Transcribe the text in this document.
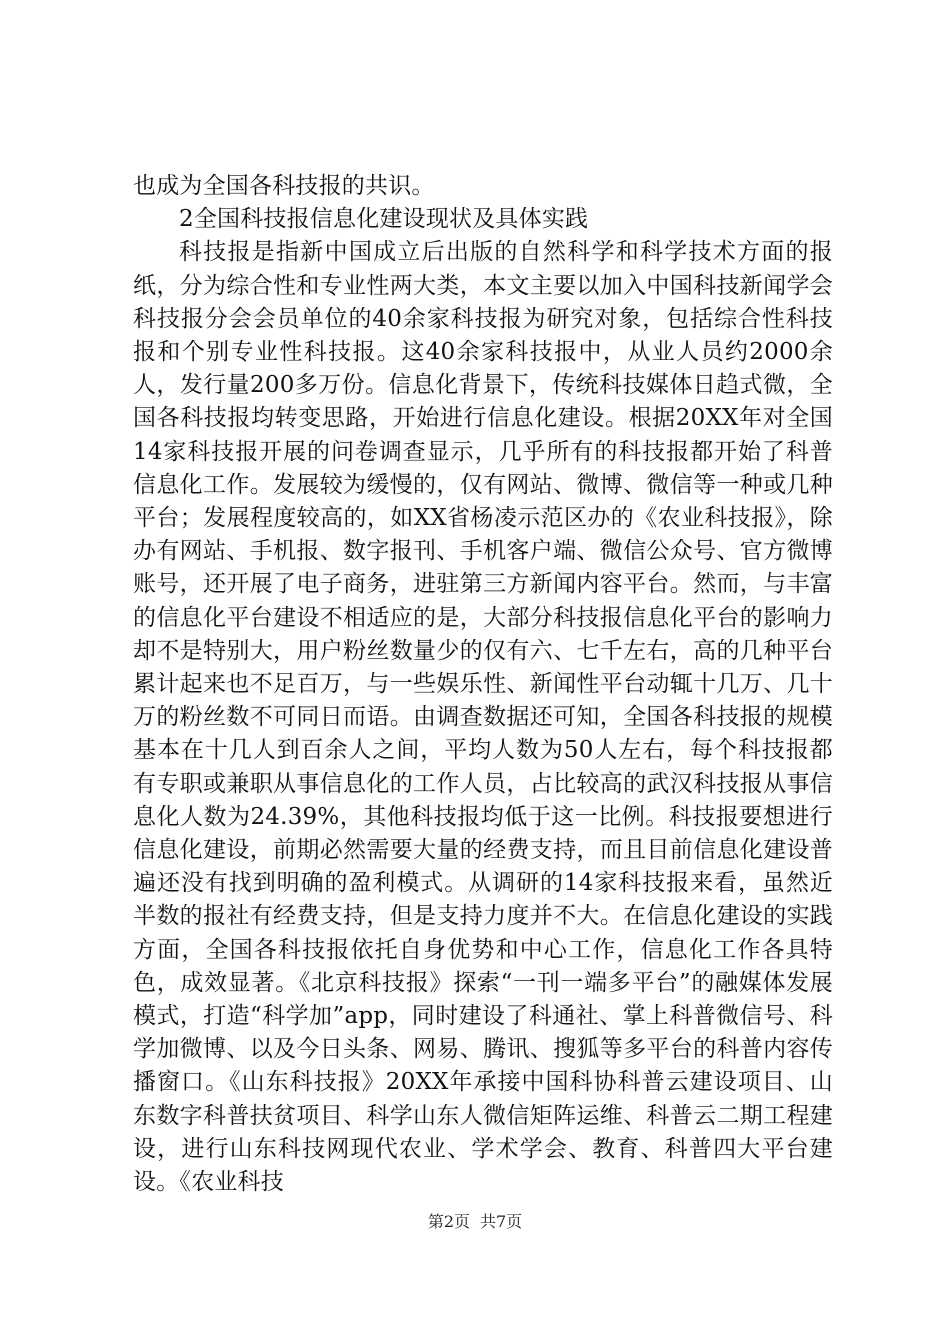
也成为全国各科技报的共识。

2全国科技报信息化建设现状及具体实践

科技报是指新中国成立后出版的自然科学和科学技术方面的报纸，分为综合性和专业性两大类，本文主要以加入中国科技新闻学会科技报分会会员单位的40余家科技报为研究对象，包括综合性科技报和个别专业性科技报。这40余家科技报中，从业人员约2000余人，发行量200多万份。信息化背景下，传统科技媒体日趋式微，全国各科技报均转变思路，开始进行信息化建设。根据20XX年对全国14家科技报开展的问卷调查显示，几乎所有的科技报都开始了科普信息化工作。发展较为缓慢的，仅有网站、微博、微信等一种或几种平台；发展程度较高的，如XX省杨凌示范区办的《农业科技报》，除办有网站、手机报、数字报刊、手机客户端、微信公众号、官方微博账号，还开展了电子商务，进驻第三方新闻内容平台。然而，与丰富的信息化平台建设不相适应的是，大部分科技报信息化平台的影响力却不是特别大，用户粉丝数量少的仅有六、七千左右，高的几种平台累计起来也不足百万，与一些娱乐性、新闻性平台动辄十几万、几十万的粉丝数不可同日而语。由调查数据还可知，全国各科技报的规模基本在十几人到百余人之间，平均人数为50人左右，每个科技报都有专职或兼职从事信息化的工作人员，占比较高的武汉科技报从事信息化人数为24.39%，其他科技报均低于这一比例。科技报要想进行信息化建设，前期必然需要大量的经费支持，而且目前信息化建设普遍还没有找到明确的盈利模式。从调研的14家科技报来看，虽然近半数的报社有经费支持，但是支持力度并不大。在信息化建设的实践方面，全国各科技报依托自身优势和中心工作，信息化工作各具特色，成效显著。《北京科技报》探索“一刊一端多平台”的融媒体发展模式，打造“科学加”app，同时建设了科通社、掌上科普微信号、科学加微博、以及今日头条、网易、腾讯、搜狐等多平台的科普内容传播窗口。《山东科技报》20XX年承接中国科协科普云建设项目、山东数字科普扶贫项目、科学山东人微信矩阵运维、科普云二期工程建设，进行山东科技网现代农业、学术学会、教育、科普四大平台建设。《农业科技

第2页 共7页
